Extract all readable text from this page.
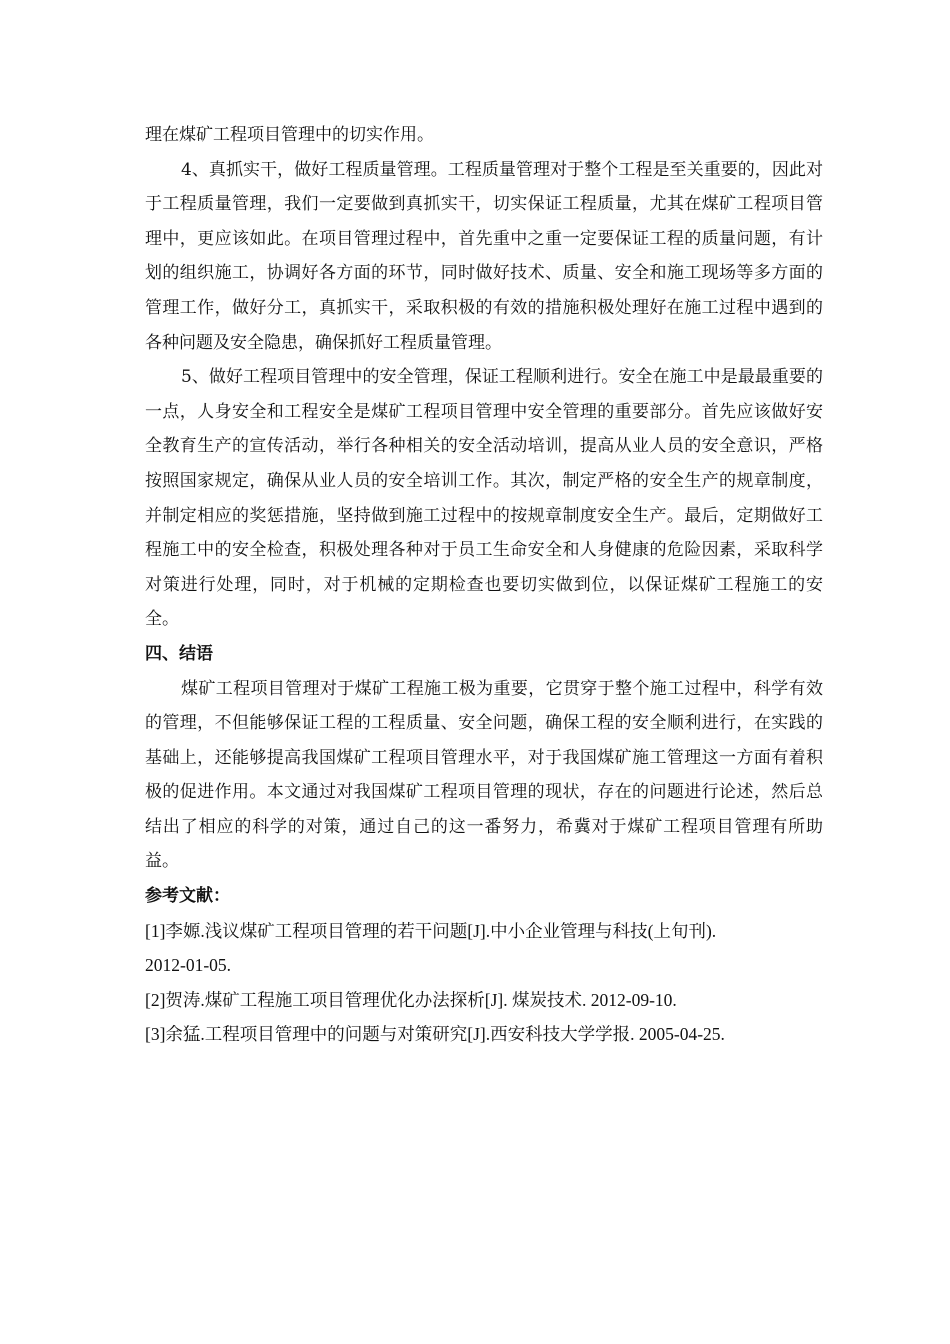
理在煤矿工程项目管理中的切实作用。

4、真抓实干，做好工程质量管理。工程质量管理对于整个工程是至关重要的，因此对于工程质量管理，我们一定要做到真抓实干，切实保证工程质量，尤其在煤矿工程项目管理中，更应该如此。在项目管理过程中，首先重中之重一定要保证工程的质量问题，有计划的组织施工，协调好各方面的环节，同时做好技术、质量、安全和施工现场等多方面的管理工作，做好分工，真抓实干，采取积极的有效的措施积极处理好在施工过程中遇到的各种问题及安全隐患，确保抓好工程质量管理。

5、做好工程项目管理中的安全管理，保证工程顺利进行。安全在施工中是最最重要的一点，人身安全和工程安全是煤矿工程项目管理中安全管理的重要部分。首先应该做好安全教育生产的宣传活动，举行各种相关的安全活动培训，提高从业人员的安全意识，严格按照国家规定，确保从业人员的安全培训工作。其次，制定严格的安全生产的规章制度，并制定相应的奖惩措施，坚持做到施工过程中的按规章制度安全生产。最后，定期做好工程施工中的安全检查，积极处理各种对于员工生命安全和人身健康的危险因素，采取科学对策进行处理，同时，对于机械的定期检查也要切实做到位，以保证煤矿工程施工的安全。

四、结语

煤矿工程项目管理对于煤矿工程施工极为重要，它贯穿于整个施工过程中，科学有效的管理，不但能够保证工程的工程质量、安全问题，确保工程的安全顺利进行，在实践的基础上，还能够提高我国煤矿工程项目管理水平，对于我国煤矿施工管理这一方面有着积极的促进作用。本文通过对我国煤矿工程项目管理的现状，存在的问题进行论述，然后总结出了相应的科学的对策，通过自己的这一番努力，希冀对于煤矿工程项目管理有所助益。

参考文献：

[1]李嫄.浅议煤矿工程项目管理的若干问题[J].中小企业管理与科技(上旬刊).
2012-01-05.

[2]贺涛.煤矿工程施工项目管理优化办法探析[J]. 煤炭技术. 2012-09-10.

[3]余猛.工程项目管理中的问题与对策研究[J].西安科技大学学报. 2005-04-25.
